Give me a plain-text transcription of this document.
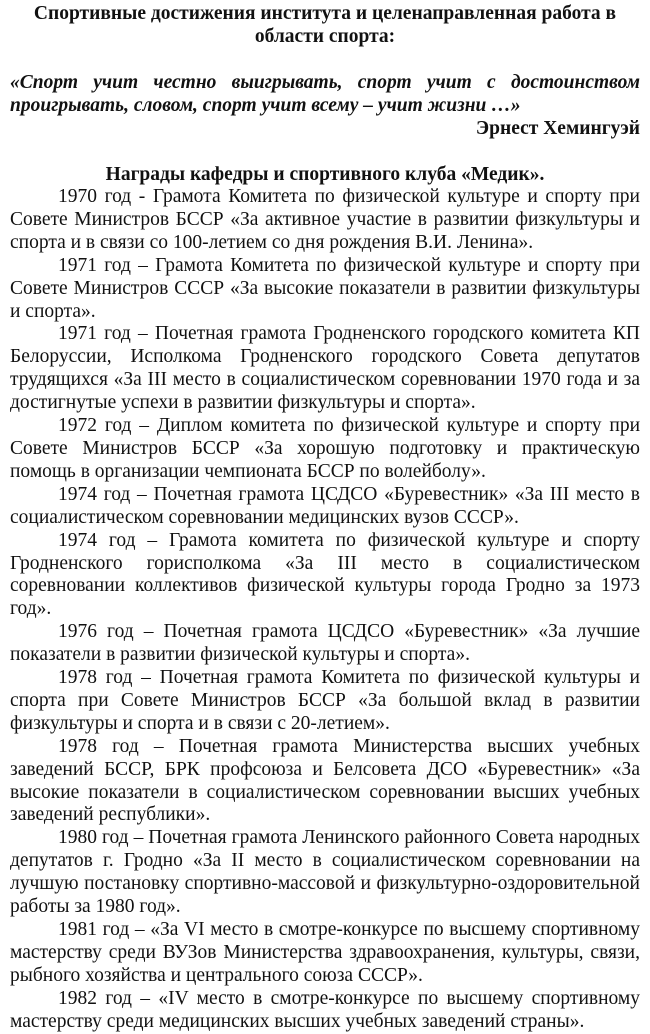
Спортивные достижения института и целенаправленная работа в области спорта:
«Спорт учит честно выигрывать, спорт учит с достоинством проигрывать, словом, спорт учит всему – учит жизни …»
Эрнест Хемингуэй
Награды кафедры и спортивного клуба «Медик».

1970 год - Грамота Комитета по физической культуре и спорту при Совете Министров БССР «За активное участие в развитии физкультуры и спорта и в связи со 100-летием со дня рождения В.И. Ленина».

1971 год – Грамота Комитета по физической культуре и спорту при Совете Министров СССР «За высокие показатели в развитии физкультуры и спорта».

1971 год – Почетная грамота Гродненского городского комитета КП Белоруссии, Исполкома Гродненского городского Совета депутатов трудящихся «За III место в социалистическом соревновании 1970 года и за достигнутые успехи в развитии физкультуры и спорта».

1972 год – Диплом комитета по физической культуре и спорту при Совете Министров БССР «За хорошую подготовку и практическую помощь в организации чемпионата БССР по волейболу».

1974 год – Почетная грамота ЦСДСО «Буревестник» «За III место в социалистическом соревновании медицинских вузов СССР».

1974 год – Грамота комитета по физической культуре и спорту Гродненского горисполкома «За III место в социалистическом соревновании коллективов физической культуры города Гродно за 1973 год».

1976 год – Почетная грамота ЦСДСО «Буревестник» «За лучшие показатели в развитии физической культуры и спорта».

1978 год – Почетная грамота Комитета по физической культуры и спорта при Совете Министров БССР «За большой вклад в развитии физкультуры и спорта и в связи с 20-летием».

1978 год – Почетная грамота Министерства высших учебных заведений БССР, БРК профсоюза и Белсовета ДСО «Буревестник» «За высокие показатели в социалистическом соревновании высших учебных заведений республики».

1980 год – Почетная грамота Ленинского районного Совета народных депутатов г. Гродно «За II место в социалистическом соревновании на лучшую постановку спортивно-массовой и физкультурно-оздоровительной работы за 1980 год».

1981 год – «За VI место в смотре-конкурсе по высшему спортивному мастерству среди ВУЗов Министерства здравоохранения, культуры, связи, рыбного хозяйства и центрального союза СССР».

1982 год – «IV место в смотре-конкурсе по высшему спортивному мастерству среди медицинских высших учебных заведений страны».
